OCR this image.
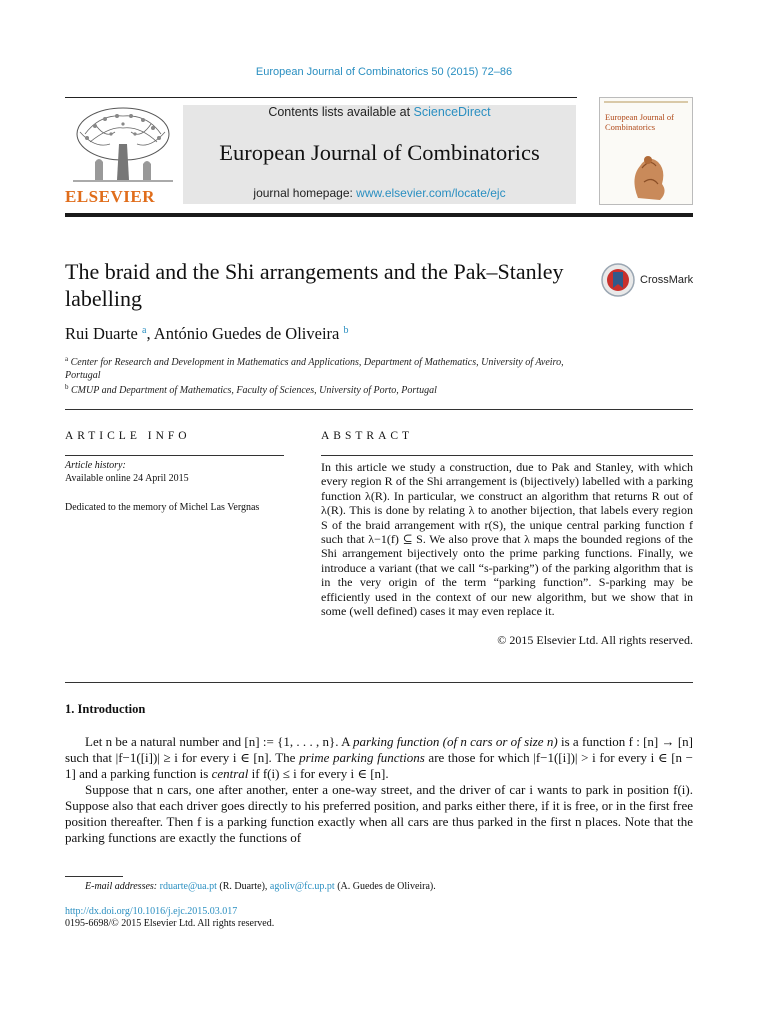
European Journal of Combinatorics 50 (2015) 72–86
ELSEVIER
Contents lists available at ScienceDirect
European Journal of Combinatorics
journal homepage: www.elsevier.com/locate/ejc
European Journal of Combinatorics
The braid and the Shi arrangements and the Pak–Stanley labelling
CrossMark
Rui Duarte $^a$, António Guedes de Oliveira $^b$
$^a$ Center for Research and Development in Mathematics and Applications, Department of Mathematics, University of Aveiro, Portugal
$^b$ CMUP and Department of Mathematics, Faculty of Sciences, University of Porto, Portugal
ARTICLE INFO
Article history:
Available online 24 April 2015
Dedicated to the memory of Michel Las Vergnas
ABSTRACT
In this article we study a construction, due to Pak and Stanley, with which every region R of the Shi arrangement is (bijectively) labelled with a parking function λ(R). In particular, we construct an algorithm that returns R out of λ(R). This is done by relating λ to another bijection, that labels every region S of the braid arrangement with r(S), the unique central parking function f such that λ−1(f) ⊆ S. We also prove that λ maps the bounded regions of the Shi arrangement bijectively onto the prime parking functions. Finally, we introduce a variant (that we call “s-parking”) of the parking algorithm that is in the very origin of the term “parking function”. S-parking may be efficiently used in the context of our new algorithm, but we show that in some (well defined) cases it may even replace it.
© 2015 Elsevier Ltd. All rights reserved.
1. Introduction

Let n be a natural number and [n] := {1, . . . , n}. A parking function (of n cars or of size n) is a function f : [n] → [n] such that |f−1([i])| ≥ i for every i ∈ [n]. The prime parking functions are those for which |f−1([i])| > i for every i ∈ [n − 1] and a parking function is central if f(i) ≤ i for every i ∈ [n].

Suppose that n cars, one after another, enter a one-way street, and the driver of car i wants to park in position f(i). Suppose also that each driver goes directly to his preferred position, and parks either there, if it is free, or in the first free position thereafter. Then f is a parking function exactly when all cars are thus parked in the first n places. Note that the parking functions are exactly the functions of

E-mail addresses: rduarte@ua.pt (R. Duarte), agoliv@fc.up.pt (A. Guedes de Oliveira).
http://dx.doi.org/10.1016/j.ejc.2015.03.017
0195-6698/© 2015 Elsevier Ltd. All rights reserved.
